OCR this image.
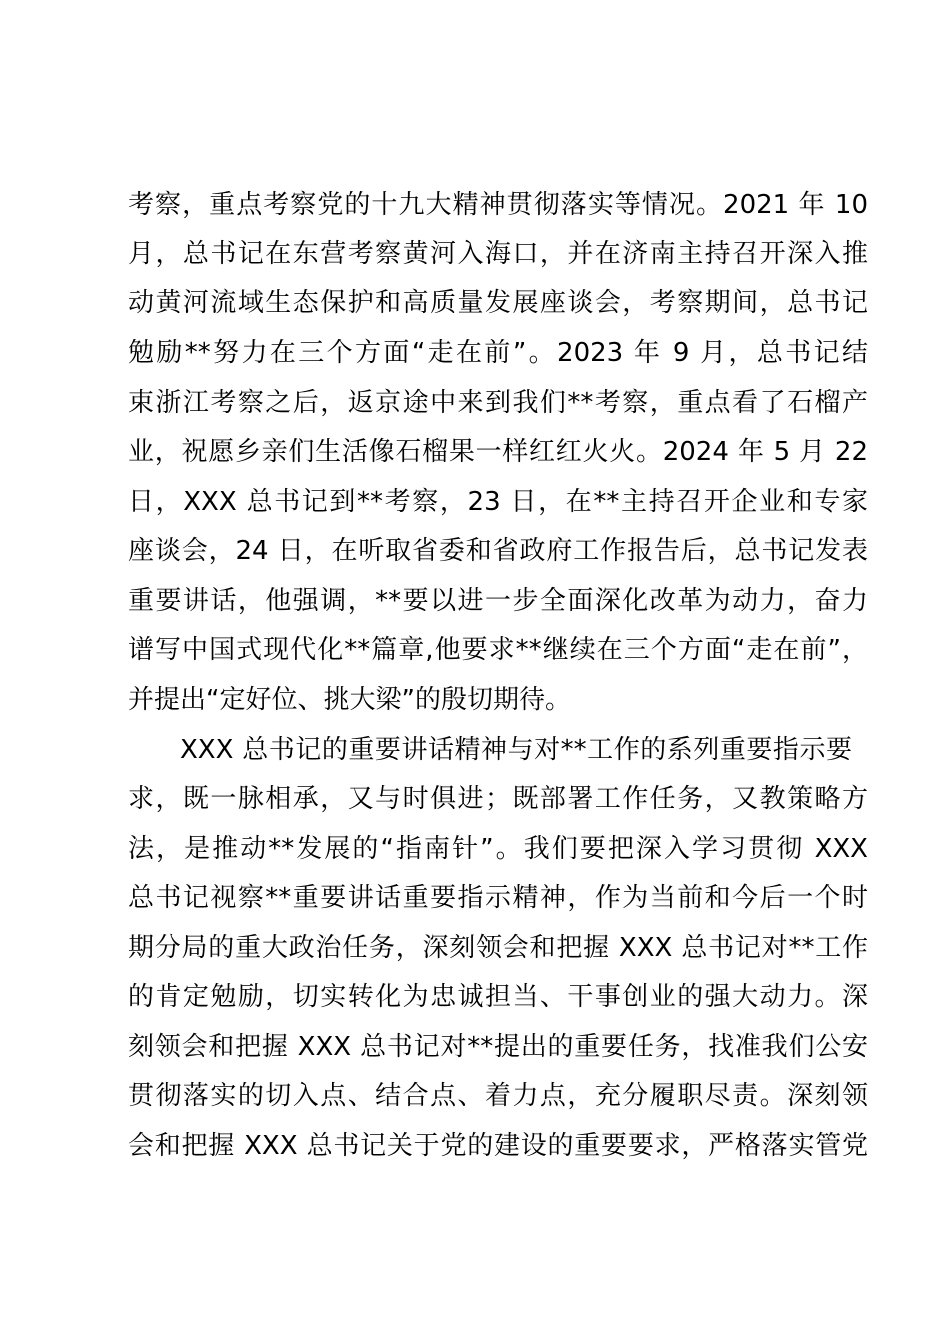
考察，重点考察党的十九大精神贯彻落实等情况。2021 年 10
月，总书记在东营考察黄河入海口，并在济南主持召开深入推
动黄河流域生态保护和高质量发展座谈会，考察期间，总书记
勉励**努力在三个方面“走在前”。2023 年 9 月，总书记结
束浙江考察之后，返京途中来到我们**考察，重点看了石榴产
业，祝愿乡亲们生活像石榴果一样红红火火。2024 年 5 月 22
日，XXX 总书记到**考察，23 日，在**主持召开企业和专家
座谈会，24 日，在听取省委和省政府工作报告后，总书记发表
重要讲话，他强调，**要以进一步全面深化改革为动力，奋力
谱写中国式现代化**篇章,他要求**继续在三个方面“走在前”，
并提出“定好位、挑大梁”的殷切期待。
XXX 总书记的重要讲话精神与对**工作的系列重要指示要
求，既一脉相承，又与时俱进；既部署工作任务，又教策略方
法，是推动**发展的“指南针”。我们要把深入学习贯彻 XXX
总书记视察**重要讲话重要指示精神，作为当前和今后一个时
期分局的重大政治任务，深刻领会和把握 XXX 总书记对**工作
的肯定勉励，切实转化为忠诚担当、干事创业的强大动力。深
刻领会和把握 XXX 总书记对**提出的重要任务，找准我们公安
贯彻落实的切入点、结合点、着力点，充分履职尽责。深刻领
会和把握 XXX 总书记关于党的建设的重要要求，严格落实管党
